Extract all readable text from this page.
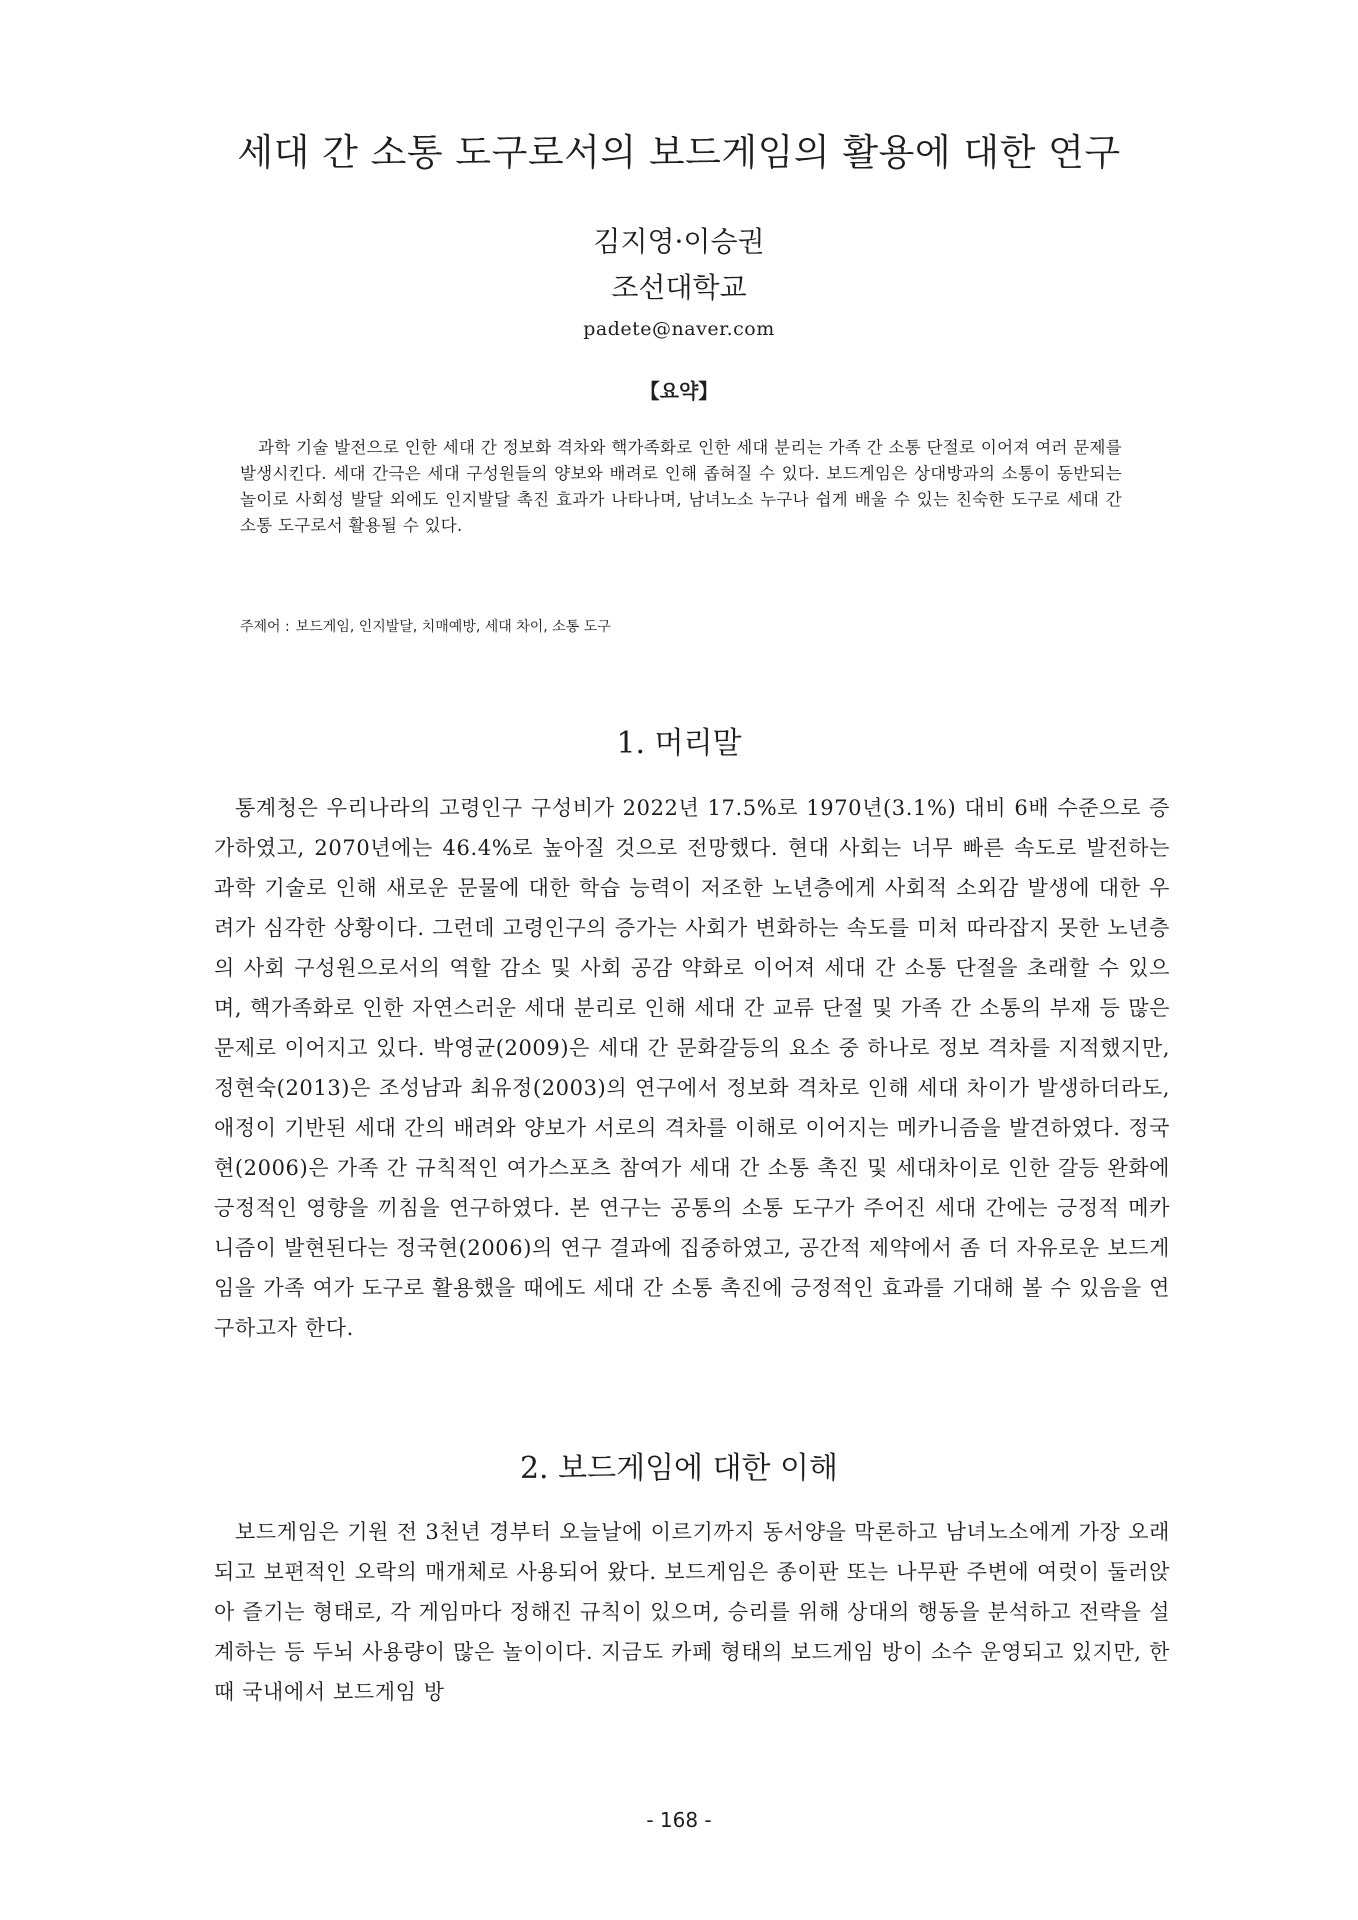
세대 간 소통 도구로서의 보드게임의 활용에 대한 연구
김지영·이승권
조선대학교
padete@naver.com
【요약】

과학 기술 발전으로 인한 세대 간 정보화 격차와 핵가족화로 인한 세대 분리는 가족 간 소통 단절로 이어져 여러 문제를 발생시킨다. 세대 간극은 세대 구성원들의 양보와 배려로 인해 좁혀질 수 있다. 보드게임은 상대방과의 소통이 동반되는 놀이로 사회성 발달 외에도 인지발달 촉진 효과가 나타나며, 남녀노소 누구나 쉽게 배울 수 있는 친숙한 도구로 세대 간 소통 도구로서 활용될 수 있다.

주제어 : 보드게임, 인지발달, 치매예방, 세대 차이, 소통 도구

1. 머리말

통계청은 우리나라의 고령인구 구성비가 2022년 17.5%로 1970년(3.1%) 대비 6배 수준으로 증가하였고, 2070년에는 46.4%로 높아질 것으로 전망했다. 현대 사회는 너무 빠른 속도로 발전하는 과학 기술로 인해 새로운 문물에 대한 학습 능력이 저조한 노년층에게 사회적 소외감 발생에 대한 우려가 심각한 상황이다. 그런데 고령인구의 증가는 사회가 변화하는 속도를 미처 따라잡지 못한 노년층의 사회 구성원으로서의 역할 감소 및 사회 공감 약화로 이어져 세대 간 소통 단절을 초래할 수 있으며, 핵가족화로 인한 자연스러운 세대 분리로 인해 세대 간 교류 단절 및 가족 간 소통의 부재 등 많은 문제로 이어지고 있다. 박영균(2009)은 세대 간 문화갈등의 요소 중 하나로 정보 격차를 지적했지만, 정현숙(2013)은 조성남과 최유정(2003)의 연구에서 정보화 격차로 인해 세대 차이가 발생하더라도, 애정이 기반된 세대 간의 배려와 양보가 서로의 격차를 이해로 이어지는 메카니즘을 발견하였다. 정국현(2006)은 가족 간 규칙적인 여가스포츠 참여가 세대 간 소통 촉진 및 세대차이로 인한 갈등 완화에 긍정적인 영향을 끼침을 연구하였다. 본 연구는 공통의 소통 도구가 주어진 세대 간에는 긍정적 메카니즘이 발현된다는 정국현(2006)의 연구 결과에 집중하였고, 공간적 제약에서 좀 더 자유로운 보드게임을 가족 여가 도구로 활용했을 때에도 세대 간 소통 촉진에 긍정적인 효과를 기대해 볼 수 있음을 연구하고자 한다.

2. 보드게임에 대한 이해

보드게임은 기원 전 3천년 경부터 오늘날에 이르기까지 동서양을 막론하고 남녀노소에게 가장 오래되고 보편적인 오락의 매개체로 사용되어 왔다. 보드게임은 종이판 또는 나무판 주변에 여럿이 둘러앉아 즐기는 형태로, 각 게임마다 정해진 규칙이 있으며, 승리를 위해 상대의 행동을 분석하고 전략을 설계하는 등 두뇌 사용량이 많은 놀이이다. 지금도 카페 형태의 보드게임 방이 소수 운영되고 있지만, 한때 국내에서 보드게임 방

- 168 -
